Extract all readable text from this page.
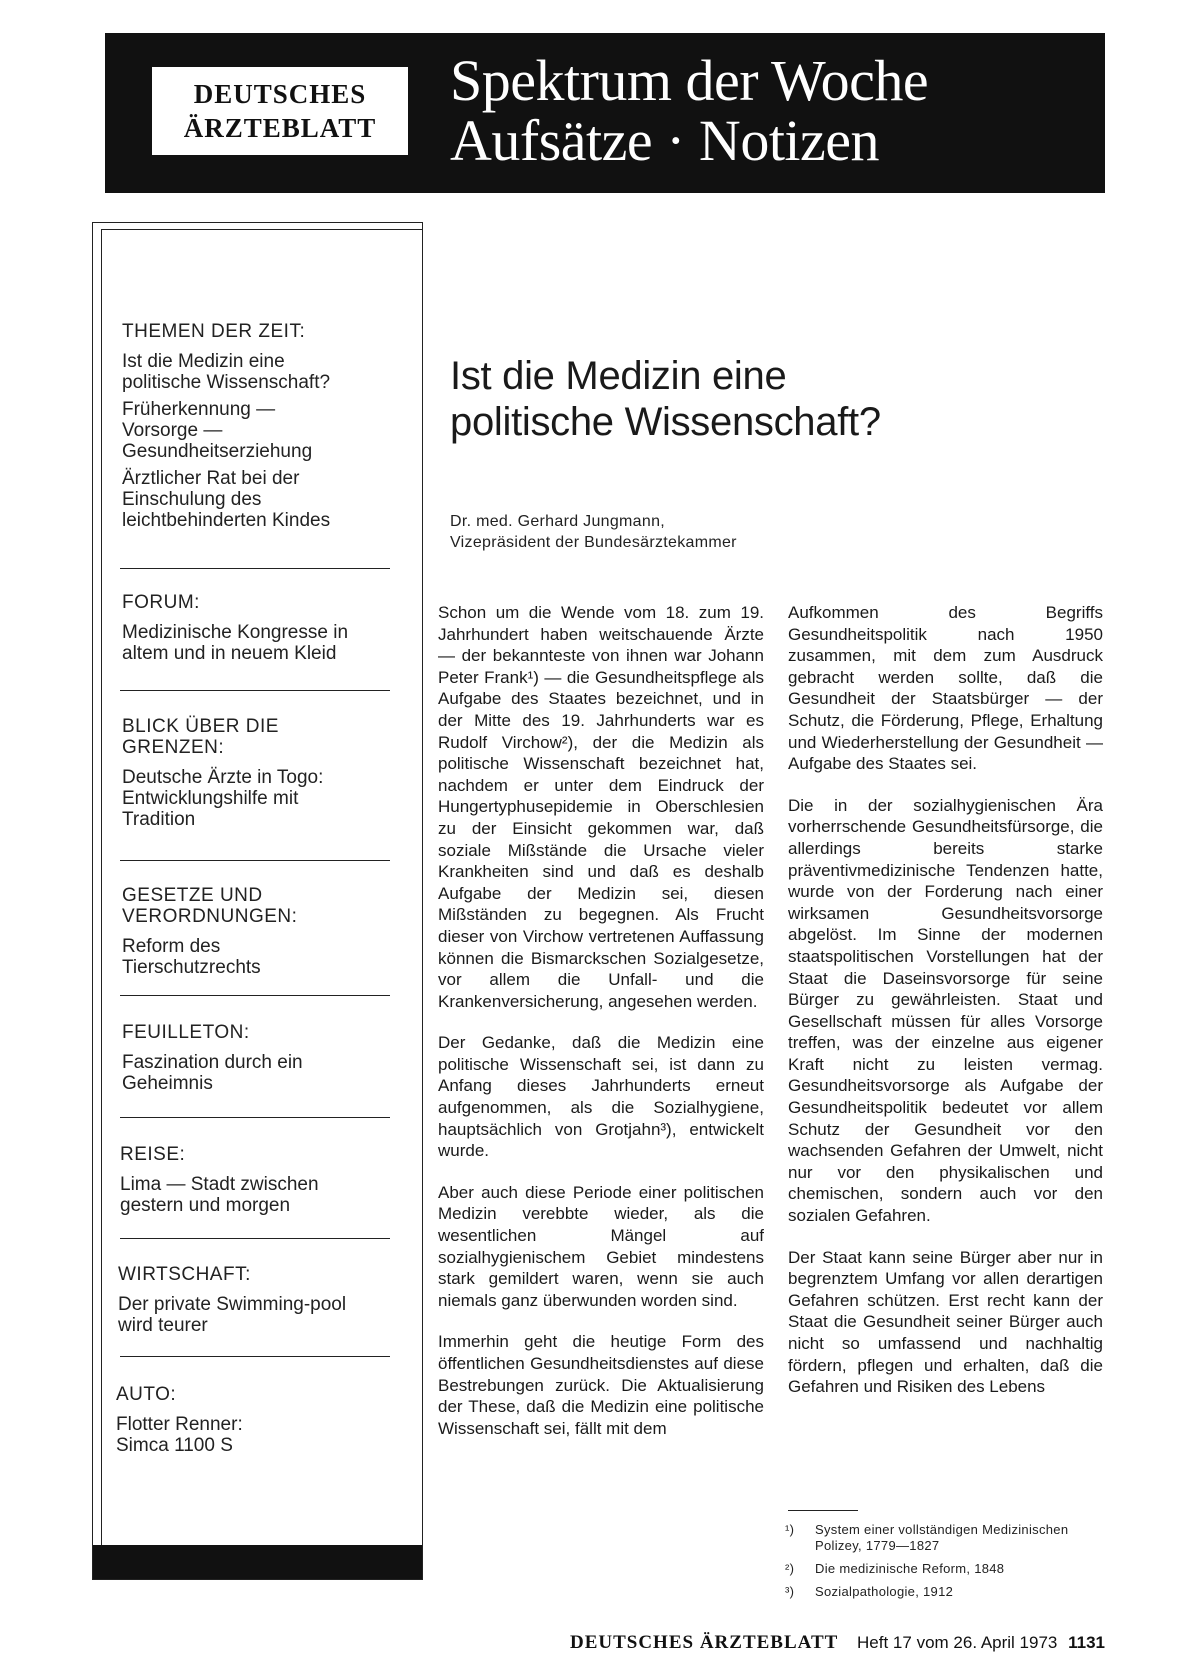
DEUTSCHES
ÄRZTEBLATT
Spektrum der Woche
Aufsätze · Notizen
THEMEN DER ZEIT:
Ist die Medizin eine politische Wissenschaft?
Früherkennung — Vorsorge — Gesundheitserziehung
Ärztlicher Rat bei der Einschulung des leichtbehinderten Kindes
FORUM:
Medizinische Kongresse in altem und in neuem Kleid
BLICK ÜBER DIE GRENZEN:
Deutsche Ärzte in Togo: Entwicklungshilfe mit Tradition
GESETZE UND VERORDNUNGEN:
Reform des Tierschutzrechts
FEUILLETON:
Faszination durch ein Geheimnis
REISE:
Lima — Stadt zwischen gestern und morgen
WIRTSCHAFT:
Der private Swimming-pool wird teurer
AUTO:
Flotter Renner: Simca 1100 S
Ist die Medizin eine politische Wissenschaft?
Dr. med. Gerhard Jungmann,
Vizepräsident der Bundesärztekammer

Schon um die Wende vom 18. zum 19. Jahrhundert haben weitschauende Ärzte — der bekannteste von ihnen war Johann Peter Frank¹) — die Gesundheitspflege als Aufgabe des Staates bezeichnet, und in der Mitte des 19. Jahrhunderts war es Rudolf Virchow²), der die Medizin als politische Wissenschaft bezeichnet hat, nachdem er unter dem Eindruck der Hungertyphusepidemie in Oberschlesien zu der Einsicht gekommen war, daß soziale Mißstände die Ursache vieler Krankheiten sind und daß es deshalb Aufgabe der Medizin sei, diesen Mißständen zu begegnen. Als Frucht dieser von Virchow vertretenen Auffassung können die Bismarckschen Sozialgesetze, vor allem die Unfall- und die Krankenversicherung, angesehen werden.

Der Gedanke, daß die Medizin eine politische Wissenschaft sei, ist dann zu Anfang dieses Jahrhunderts erneut aufgenommen, als die Sozialhygiene, hauptsächlich von Grotjahn³), entwickelt wurde.

Aber auch diese Periode einer politischen Medizin verebbte wieder, als die wesentlichen Mängel auf sozialhygienischem Gebiet mindestens stark gemildert waren, wenn sie auch niemals ganz überwunden worden sind.

Immerhin geht die heutige Form des öffentlichen Gesundheitsdienstes auf diese Bestrebungen zurück. Die Aktualisierung der These, daß die Medizin eine politische Wissenschaft sei, fällt mit dem

Aufkommen des Begriffs Gesundheitspolitik nach 1950 zusammen, mit dem zum Ausdruck gebracht werden sollte, daß die Gesundheit der Staatsbürger — der Schutz, die Förderung, Pflege, Erhaltung und Wiederherstellung der Gesundheit — Aufgabe des Staates sei.

Die in der sozialhygienischen Ära vorherrschende Gesundheitsfürsorge, die allerdings bereits starke präventivmedizinische Tendenzen hatte, wurde von der Forderung nach einer wirksamen Gesundheitsvorsorge abgelöst. Im Sinne der modernen staatspolitischen Vorstellungen hat der Staat die Daseinsvorsorge für seine Bürger zu gewährleisten. Staat und Gesellschaft müssen für alles Vorsorge treffen, was der einzelne aus eigener Kraft nicht zu leisten vermag. Gesundheitsvorsorge als Aufgabe der Gesundheitspolitik bedeutet vor allem Schutz der Gesundheit vor den wachsenden Gefahren der Umwelt, nicht nur vor den physikalischen und chemischen, sondern auch vor den sozialen Gefahren.

Der Staat kann seine Bürger aber nur in begrenztem Umfang vor allen derartigen Gefahren schützen. Erst recht kann der Staat die Gesundheit seiner Bürger auch nicht so umfassend und nachhaltig fördern, pflegen und erhalten, daß die Gefahren und Risiken des Lebens

¹) System einer vollständigen Medizinischen Polizey, 1779—1827
²) Die medizinische Reform, 1848
³) Sozialpathologie, 1912
DEUTSCHES ÄRZTEBLATT Heft 17 vom 26. April 1973 1131
